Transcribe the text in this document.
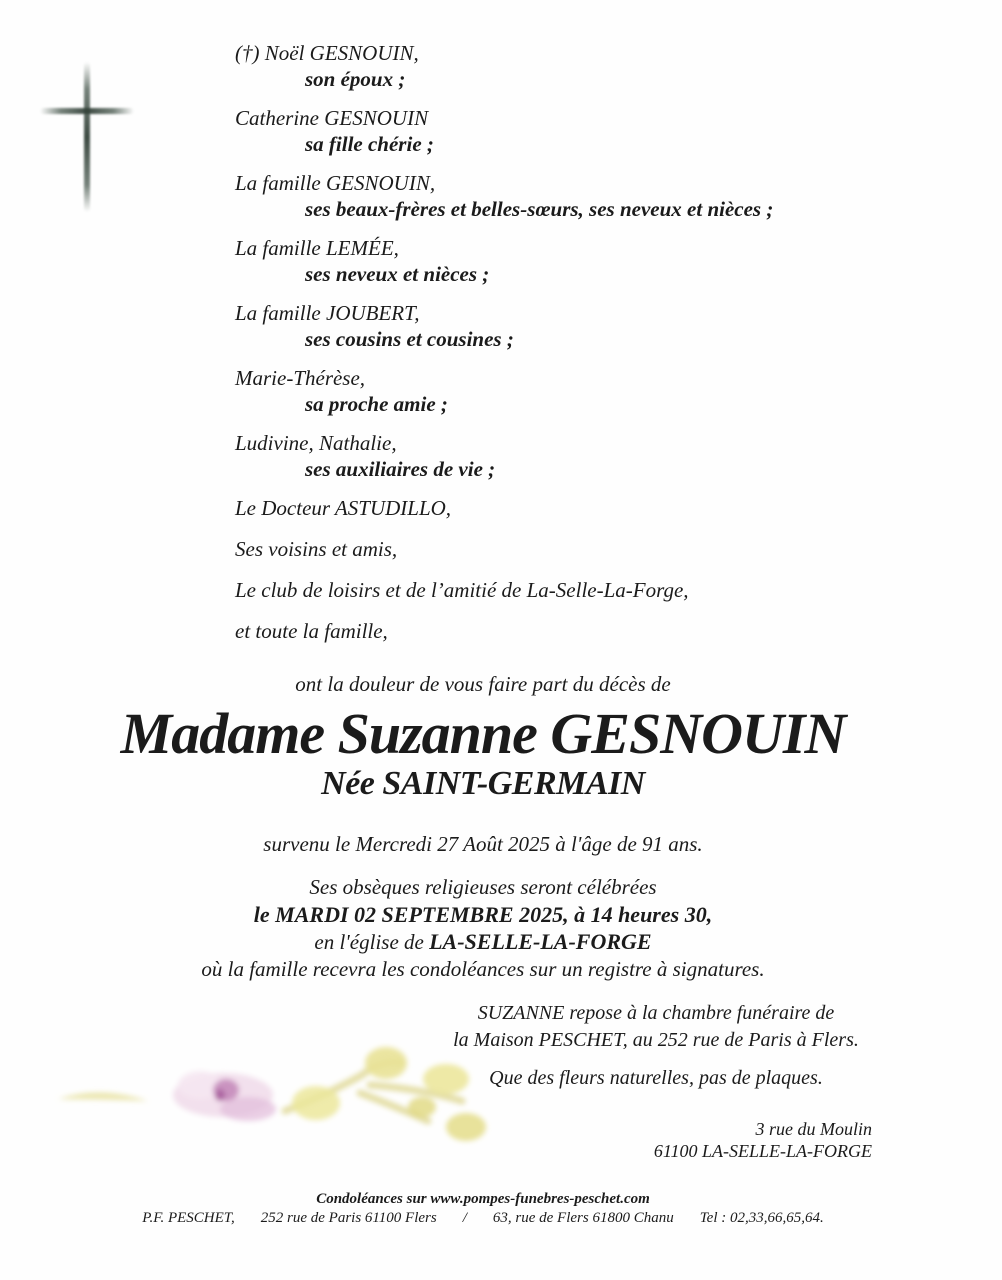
(†) Noël GESNOUIN,
son époux ;
Catherine GESNOUIN
sa fille chérie ;
La famille GESNOUIN,
ses beaux-frères et belles-sœurs, ses neveux et nièces ;
La famille LEMÉE,
ses neveux et nièces ;
La famille JOUBERT,
ses cousins et cousines ;
Marie-Thérèse,
sa proche amie ;
Ludivine, Nathalie,
ses auxiliaires de vie ;
Le Docteur ASTUDILLO,
Ses voisins et amis,
Le club de loisirs et de l’amitié de La-Selle-La-Forge,
et toute la famille,
ont la douleur de vous faire part du décès de
Madame Suzanne GESNOUIN
Née SAINT-GERMAIN
survenu le Mercredi 27 Août 2025 à l'âge de 91 ans.
Ses obsèques religieuses seront célébrées
le MARDI 02 SEPTEMBRE 2025, à 14 heures 30,
en l'église de LA-SELLE-LA-FORGE
où la famille recevra les condoléances sur un registre à signatures.
SUZANNE repose à la chambre funéraire de
la Maison PESCHET, au 252 rue de Paris à Flers.
Que des fleurs naturelles, pas de plaques.
3 rue du Moulin
61100 LA-SELLE-LA-FORGE
Condoléances sur www.pompes-funebres-peschet.com
P.F. PESCHET, 252 rue de Paris 61100 Flers / 63, rue de Flers 61800 Chanu Tel : 02,33,66,65,64.
